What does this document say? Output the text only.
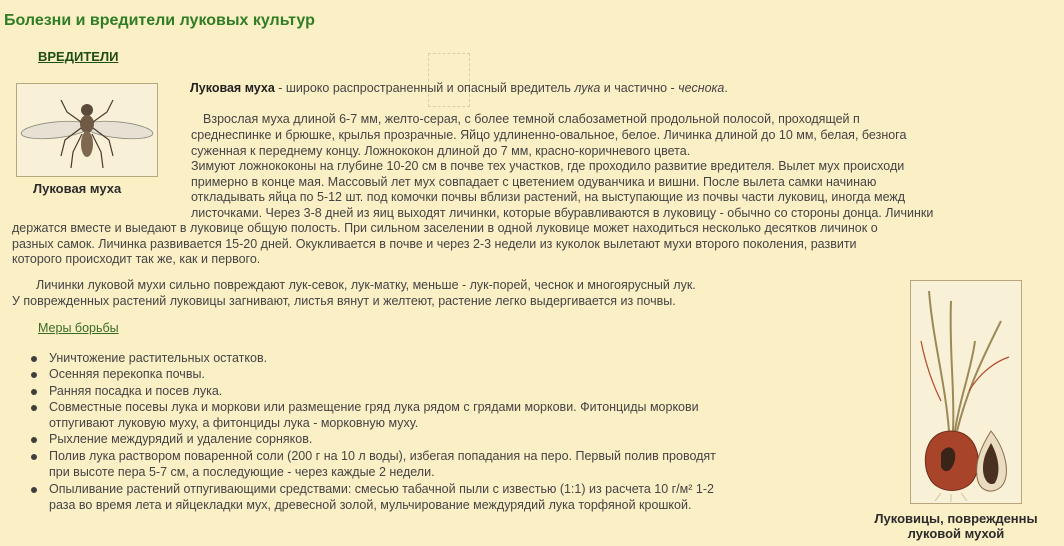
Болезни и вредители луковых культур
ВРЕДИТЕЛИ
Луковая муха
Луковая муха - широко распространенный и опасный вредитель лука и частично - чеснока.
Взрослая муха длиной 6-7 мм, желто-серая, с более темной слабозаметной продольной полосой, проходящей п
среднеспинке и брюшке, крылья прозрачные. Яйцо удлиненно-овальное, белое. Личинка длиной до 10 мм, белая, безнога
суженная к переднему концу. Ложнококон длиной до 7 мм, красно-коричневого цвета.
Зимуют ложнококоны на глубине 10-20 см в почве тех участков, где проходило развитие вредителя. Вылет мух происходи
примерно в конце мая. Массовый лет мух совпадает с цветением одуванчика и вишни. После вылета самки начинаю
откладывать яйца по 5-12 шт. под комочки почвы вблизи растений, на выступающие из почвы части луковиц, иногда межд
листочками. Через 3-8 дней из яиц выходят личинки, которые вбуравливаются в луковицу - обычно со стороны донца. Личинки
держатся вместе и выедают в луковице общую полость. При сильном заселении в одной луковице может находиться несколько десятков личинок о
разных самок. Личинка развивается 15-20 дней. Окукливается в почве и через 2-3 недели из куколок вылетают мухи второго поколения, развити
которого происходит так же, как и первого.
Личинки луковой мухи сильно повреждают лук-севок, лук-матку, меньше - лук-порей, чеснок и многоярусный лук.
У поврежденных растений луковицы загнивают, листья вянут и желтеют, растение легко выдергивается из почвы.
Меры борьбы
Уничтожение растительных остатков.
Осенняя перекопка почвы.
Ранняя посадка и посев лука.
Совместные посевы лука и моркови или размещение гряд лука рядом с грядами моркови. Фитонциды моркови
отпугивают луковую муху, а фитонциды лука - морковную муху.
Рыхление междурядий и удаление сорняков.
Полив лука раствором поваренной соли (200 г на 10 л воды), избегая попадания на перо. Первый полив проводят
при высоте пера 5-7 см, а последующие - через каждые 2 недели.
Опыливание растений отпугивающими средствами: смесью табачной пыли с известью (1:1) из расчета 10 г/м² 1-2
раза во время лета и яйцекладки мух, древесной золой, мульчирование междурядий лука торфяной крошкой.
Луковицы, поврежденны
луковой мухой
